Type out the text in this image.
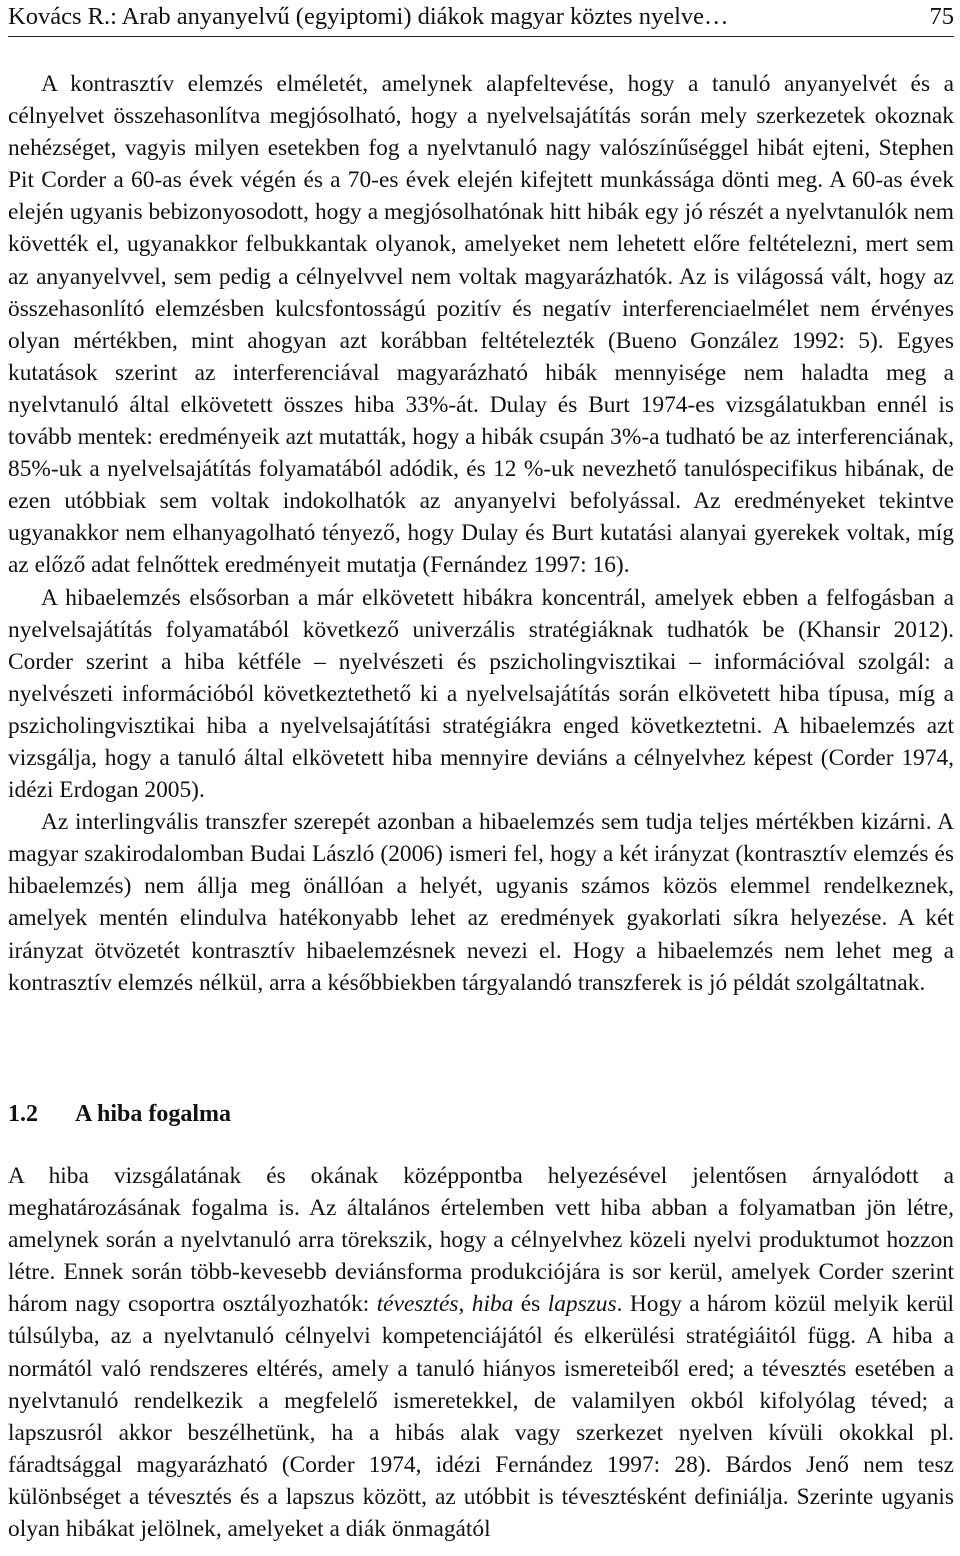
Kovács R.: Arab anyanyelvű (egyiptomi) diákok magyar köztes nyelve…	75

A kontrasztív elemzés elméletét, amelynek alapfeltevése, hogy a tanuló anyanyelvét és a célnyelvet összehasonlítva megjósolható, hogy a nyelvelsajátítás során mely szerkezetek okoznak nehézséget, vagyis milyen esetekben fog a nyelvtanuló nagy valószínűséggel hibát ejteni, Stephen Pit Corder a 60-as évek végén és a 70-es évek elején kifejtett munkássága dönti meg. A 60-as évek elején ugyanis bebizonyosodott, hogy a megjósolhatónak hitt hibák egy jó részét a nyelvtanulók nem követték el, ugyanakkor felbukkantak olyanok, amelyeket nem lehetett előre feltételezni, mert sem az anyanyelvvel, sem pedig a célnyelvvel nem voltak magyarázhatók. Az is világossá vált, hogy az összehasonlító elemzésben kulcsfontosságú pozitív és negatív interferenciaelmélet nem érvényes olyan mértékben, mint ahogyan azt korábban feltételezték (Bueno González 1992: 5). Egyes kutatások szerint az interferenciával magyarázható hibák mennyisége nem haladta meg a nyelvtanuló által elkövetett összes hiba 33%-át. Dulay és Burt 1974-es vizsgálatukban ennél is tovább mentek: eredményeik azt mutatták, hogy a hibák csupán 3%-a tudható be az interferenciának, 85%-uk a nyelvelsajátítás folyamatából adódik, és 12 %-uk nevezhető tanulóspecifikus hibának, de ezen utóbbiak sem voltak indokolhatók az anyanyelvi befolyással. Az eredményeket tekintve ugyanakkor nem elhanyagolható tényező, hogy Dulay és Burt kutatási alanyai gyerekek voltak, míg az előző adat felnőttek eredményeit mutatja (Fernández 1997: 16).

A hibaelemzés elsősorban a már elkövetett hibákra koncentrál, amelyek ebben a felfogásban a nyelvelsajátítás folyamatából következő univerzális stratégiáknak tudhatók be (Khansir 2012). Corder szerint a hiba kétféle – nyelvészeti és pszicholingvisztikai – információval szolgál: a nyelvészeti információból következtethető ki a nyelvelsajátítás során elkövetett hiba típusa, míg a pszicholingvisztikai hiba a nyelvelsajátítási stratégiákra enged következtetni. A hibaelemzés azt vizsgálja, hogy a tanuló által elkövetett hiba mennyire deviáns a célnyelvhez képest (Corder 1974, idézi Erdogan 2005).

Az interlingvális transzfer szerepét azonban a hibaelemzés sem tudja teljes mértékben kizárni. A magyar szakirodalomban Budai László (2006) ismeri fel, hogy a két irányzat (kontrasztív elemzés és hibaelemzés) nem állja meg önállóan a helyét, ugyanis számos közös elemmel rendelkeznek, amelyek mentén elindulva hatékonyabb lehet az eredmények gyakorlati síkra helyezése. A két irányzat ötvözetét kontrasztív hibaelemzésnek nevezi el. Hogy a hibaelemzés nem lehet meg a kontrasztív elemzés nélkül, arra a későbbiekben tárgyalandó transzferek is jó példát szolgáltatnak.

1.2 A hiba fogalma

A hiba vizsgálatának és okának középpontba helyezésével jelentősen árnyalódott a meghatározásának fogalma is. Az általános értelemben vett hiba abban a folyamatban jön létre, amelynek során a nyelvtanuló arra törekszik, hogy a célnyelvhez közeli nyelvi produktumot hozzon létre. Ennek során több-kevesebb deviánsforma produkciójára is sor kerül, amelyek Corder szerint három nagy csoportra osztályozhatók: tévesztés, hiba és lapszus. Hogy a három közül melyik kerül túlsúlyba, az a nyelvtanuló célnyelvi kompetenciájától és elkerülési stratégiáitól függ. A hiba a normától való rendszeres eltérés, amely a tanuló hiányos ismereteiből ered; a tévesztés esetében a nyelvtanuló rendelkezik a megfelelő ismeretekkel, de valamilyen okból kifolyólag téved; a lapszusról akkor beszélhetünk, ha a hibás alak vagy szerkezet nyelven kívüli okokkal pl. fáradtsággal magyarázható (Corder 1974, idézi Fernández 1997: 28). Bárdos Jenő nem tesz különbséget a tévesztés és a lapszus között, az utóbbit is tévesztésként definiálja. Szerinte ugyanis olyan hibákat jelölnek, amelyeket a diák önmagától
